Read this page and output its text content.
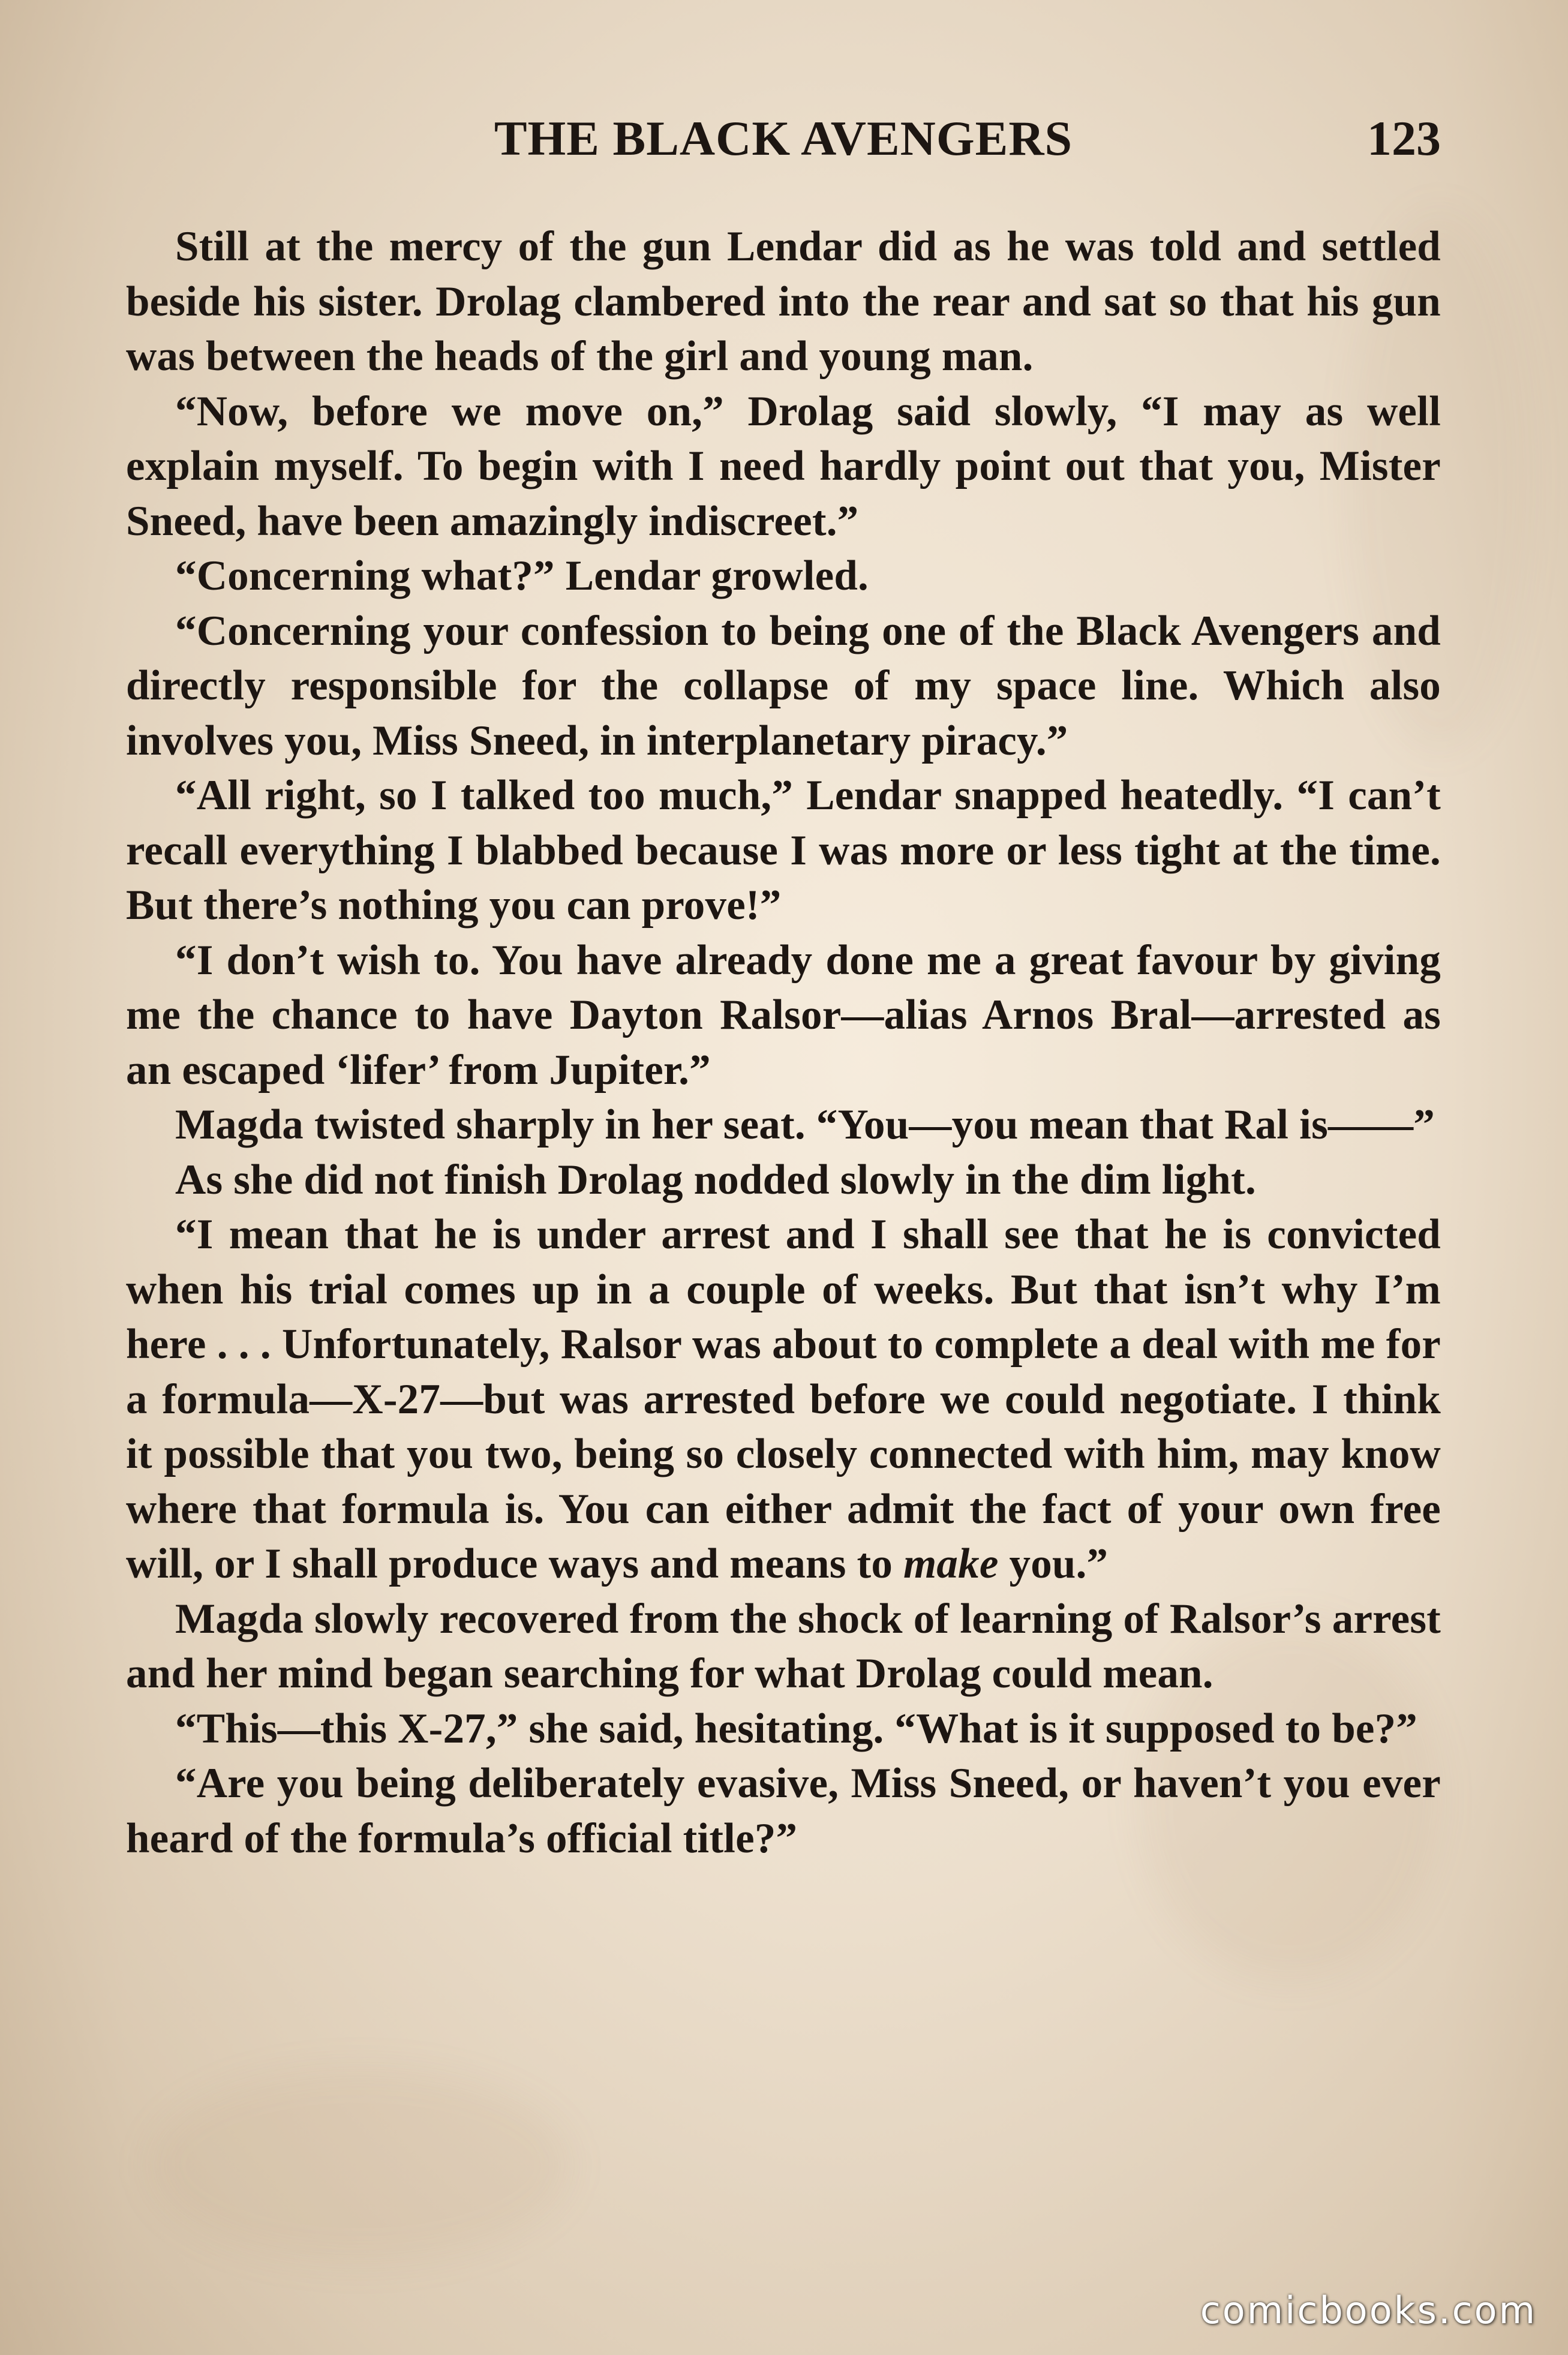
THE BLACK AVENGERS	123

Still at the mercy of the gun Lendar did as he was told and settled beside his sister. Drolag clambered into the rear and sat so that his gun was between the heads of the girl and young man.

“Now, before we move on,” Drolag said slowly, “I may as well explain myself. To begin with I need hardly point out that you, Mister Sneed, have been amazingly indiscreet.”

“Concerning what?” Lendar growled.

“Concerning your confession to being one of the Black Avengers and directly responsible for the collapse of my space line. Which also involves you, Miss Sneed, in interplanetary piracy.”

“All right, so I talked too much,” Lendar snapped heatedly. “I can’t recall everything I blabbed because I was more or less tight at the time. But there’s nothing you can prove!”

“I don’t wish to. You have already done me a great favour by giving me the chance to have Dayton Ralsor—alias Arnos Bral—arrested as an escaped ‘lifer’ from Jupiter.”

Magda twisted sharply in her seat. “You—you mean that Ral is——”

As she did not finish Drolag nodded slowly in the dim light.

“I mean that he is under arrest and I shall see that he is convicted when his trial comes up in a couple of weeks. But that isn’t why I’m here . . . Unfortunately, Ralsor was about to complete a deal with me for a formula—X-27—but was arrested before we could negotiate. I think it possible that you two, being so closely connected with him, may know where that formula is. You can either admit the fact of your own free will, or I shall produce ways and means to make you.”

Magda slowly recovered from the shock of learning of Ralsor’s arrest and her mind began searching for what Drolag could mean.

“This—this X-27,” she said, hesitating. “What is it supposed to be?”

“Are you being deliberately evasive, Miss Sneed, or haven’t you ever heard of the formula’s official title?”

comicbooks.com
